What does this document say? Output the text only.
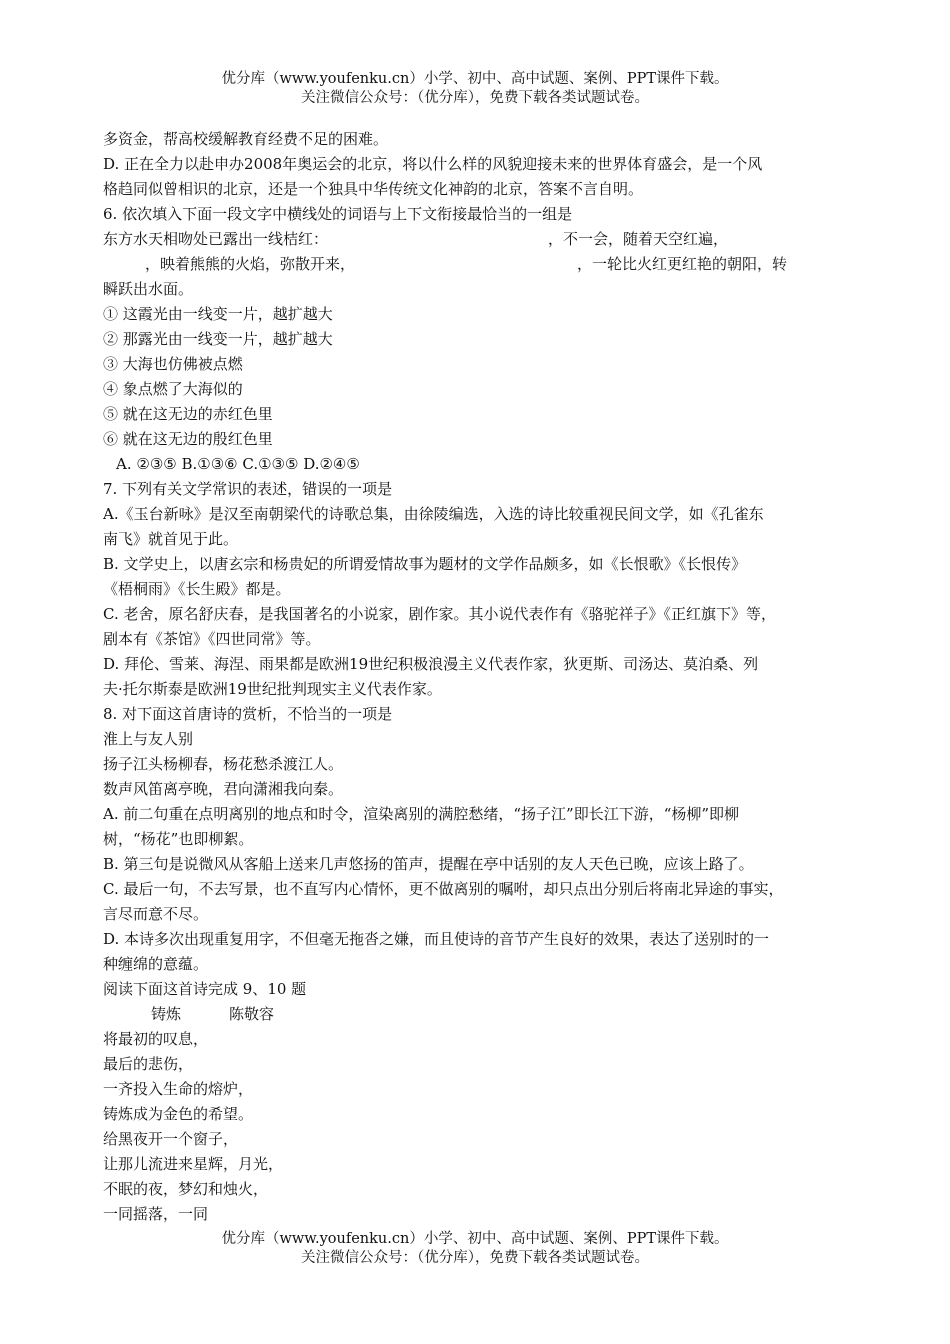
优分库（www.youfenku.cn）小学、初中、高中试题、案例、PPT课件下载。
关注微信公众号：（优分库），免费下载各类试题试卷。
多资金，帮高校缓解教育经费不足的困难。
D. 正在全力以赴申办2008年奥运会的北京，将以什么样的风貌迎接未来的世界体育盛会，是一个风
格趋同似曾相识的北京，还是一个独具中华传统文化神韵的北京，答案不言自明。
6. 依次填入下面一段文字中横线处的词语与上下文衔接最恰当的一组是
东方水天相吻处已露出一线桔红：	，不一会，随着天空红遍，
，映着熊熊的火焰，弥散开来，	，一轮比火红更红艳的朝阳，转
瞬跃出水面。
① 这霞光由一线变一片，越扩越大
② 那露光由一线变一片，越扩越大
③ 大海也仿佛被点燃
④ 象点燃了大海似的
⑤ 就在这无边的赤红色里
⑥ 就在这无边的殷红色里
A. ②③⑤ B.①③⑥ C.①③⑤ D.②④⑤
7. 下列有关文学常识的表述，错误的一项是
A.《玉台新咏》是汉至南朝梁代的诗歌总集，由徐陵编选，入选的诗比较重视民间文学，如《孔雀东
南飞》就首见于此。
B. 文学史上，以唐玄宗和杨贵妃的所谓爱情故事为题材的文学作品颇多，如《长恨歌》《长恨传》
《梧桐雨》《长生殿》都是。
C. 老舍，原名舒庆春，是我国著名的小说家，剧作家。其小说代表作有《骆驼祥子》《正红旗下》等，
剧本有《茶馆》《四世同常》等。
D. 拜伦、雪莱、海涅、雨果都是欧洲19世纪积极浪漫主义代表作家，狄更斯、司汤达、莫泊桑、列
夫·托尔斯泰是欧洲19世纪批判现实主义代表作家。
8. 对下面这首唐诗的赏析，不恰当的一项是
淮上与友人别
扬子江头杨柳春，杨花愁杀渡江人。
数声风笛离亭晚，君向潇湘我向秦。
A. 前二句重在点明离别的地点和时令，渲染离别的满腔愁绪，“扬子江”即长江下游，“杨柳”即柳
树，“杨花”也即柳絮。
B. 第三句是说微风从客船上送来几声悠扬的笛声，提醒在亭中话别的友人天色已晚，应该上路了。
C. 最后一句，不去写景，也不直写内心情怀，更不做离别的嘱咐，却只点出分别后将南北异途的事实，
言尽而意不尽。
D. 本诗多次出现重复用字，不但毫无拖沓之嫌，而且使诗的音节产生良好的效果，表达了送别时的一
种缠绵的意蕴。
阅读下面这首诗完成 9、10 题
铸炼	陈敬容
将最初的叹息，
最后的悲伤，
一齐投入生命的熔炉，
铸炼成为金色的希望。
给黑夜开一个窗子，
让那儿流进来星辉，月光，
不眠的夜，梦幻和烛火，
一同摇落，一同
优分库（www.youfenku.cn）小学、初中、高中试题、案例、PPT课件下载。
关注微信公众号：（优分库），免费下载各类试题试卷。
